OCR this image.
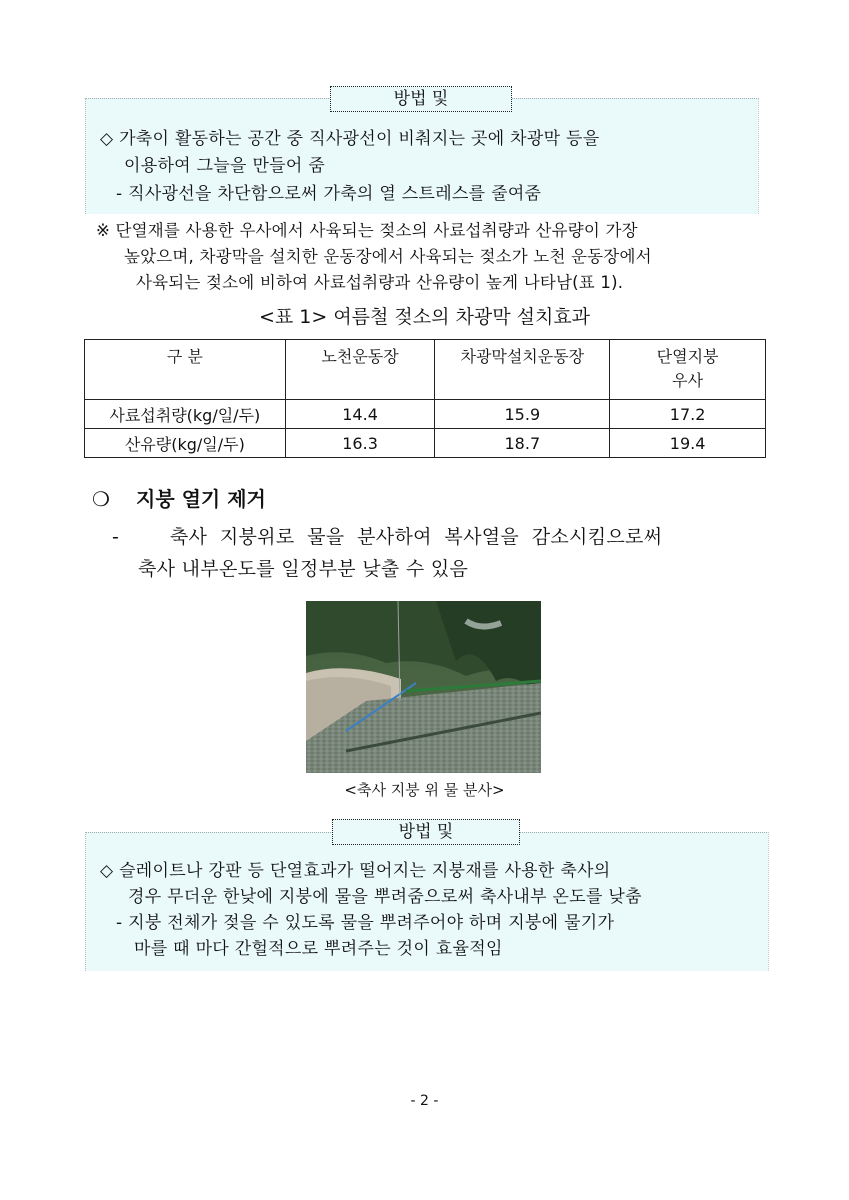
방법 및
◇ 가축이 활동하는 공간 중 직사광선이 비춰지는 곳에 차광막 등을
이용하여 그늘을 만들어 줌
- 직사광선을 차단함으로써 가축의 열 스트레스를 줄여줌
※ 단열재를 사용한 우사에서 사육되는 젖소의 사료섭취량과 산유량이 가장
높았으며, 차광막을 설치한 운동장에서 사육되는 젖소가 노천 운동장에서
사육되는 젖소에 비하여 사료섭취량과 산유량이 높게 나타남(표 1).
<표 1> 여름철 젖소의 차광막 설치효과
구 분	노천운동장	차광막설치운동장	단열지붕
우사
사료섭취량(kg/일/두)	14.4	15.9	17.2
산유량(kg/일/두)	16.3	18.7	19.4
❍ 지붕 열기 제거
-        축사  지붕위로  물을  분사하여  복사열을  감소시킴으로써
축사 내부온도를 일정부분 낮출 수 있음
<축사 지붕 위 물 분사>
방법 및
◇ 슬레이트나 강판 등 단열효과가 떨어지는 지붕재를 사용한 축사의
경우 무더운 한낮에 지붕에 물을 뿌려줌으로써 축사내부 온도를 낮춤
- 지붕 전체가 젖을 수 있도록 물을 뿌려주어야 하며 지붕에 물기가
마를 때 마다 간헐적으로 뿌려주는 것이 효율적임
- 2 -
